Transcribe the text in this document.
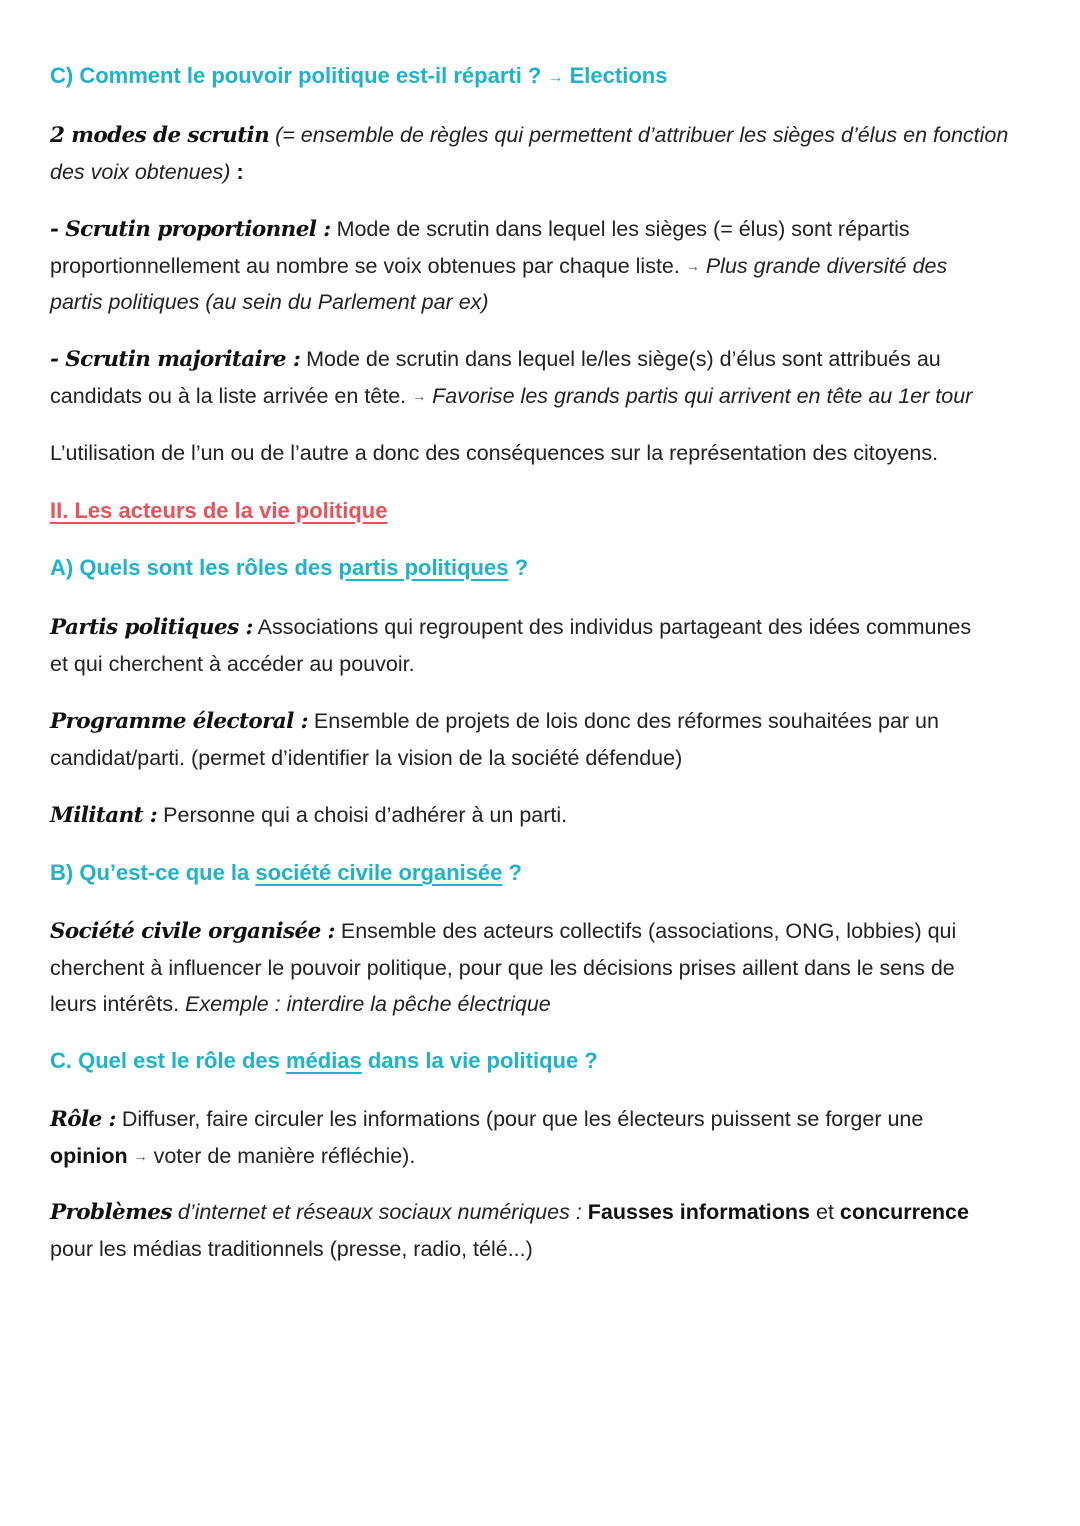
C) Comment le pouvoir politique est-il réparti ? → Elections
2 modes de scrutin (= ensemble de règles qui permettent d’attribuer les sièges d’élus en fonction
des voix obtenues) :
- Scrutin proportionnel : Mode de scrutin dans lequel les sièges (= élus) sont répartis
proportionnellement au nombre se voix obtenues par chaque liste. → Plus grande diversité des
partis politiques (au sein du Parlement par ex)
- Scrutin majoritaire : Mode de scrutin dans lequel le/les siège(s) d’élus sont attribués au
candidats ou à la liste arrivée en tête. → Favorise les grands partis qui arrivent en tête au 1er tour
L’utilisation de l’un ou de l’autre a donc des conséquences sur la représentation des citoyens.
II. Les acteurs de la vie politique
A) Quels sont les rôles des partis politiques ?
Partis politiques : Associations qui regroupent des individus partageant des idées communes
et qui cherchent à accéder au pouvoir.
Programme électoral : Ensemble de projets de lois donc des réformes souhaitées par un
candidat/parti. (permet d’identifier la vision de la société défendue)
Militant : Personne qui a choisi d’adhérer à un parti.
B) Qu’est-ce que la société civile organisée ?
Société civile organisée : Ensemble des acteurs collectifs (associations, ONG, lobbies) qui
cherchent à influencer le pouvoir politique, pour que les décisions prises aillent dans le sens de
leurs intérêts. Exemple : interdire la pêche électrique
C. Quel est le rôle des médias dans la vie politique ?
Rôle : Diffuser, faire circuler les informations (pour que les électeurs puissent se forger une
opinion → voter de manière réfléchie).
Problèmes d’internet et réseaux sociaux numériques : Fausses informations et concurrence
pour les médias traditionnels (presse, radio, télé...)
